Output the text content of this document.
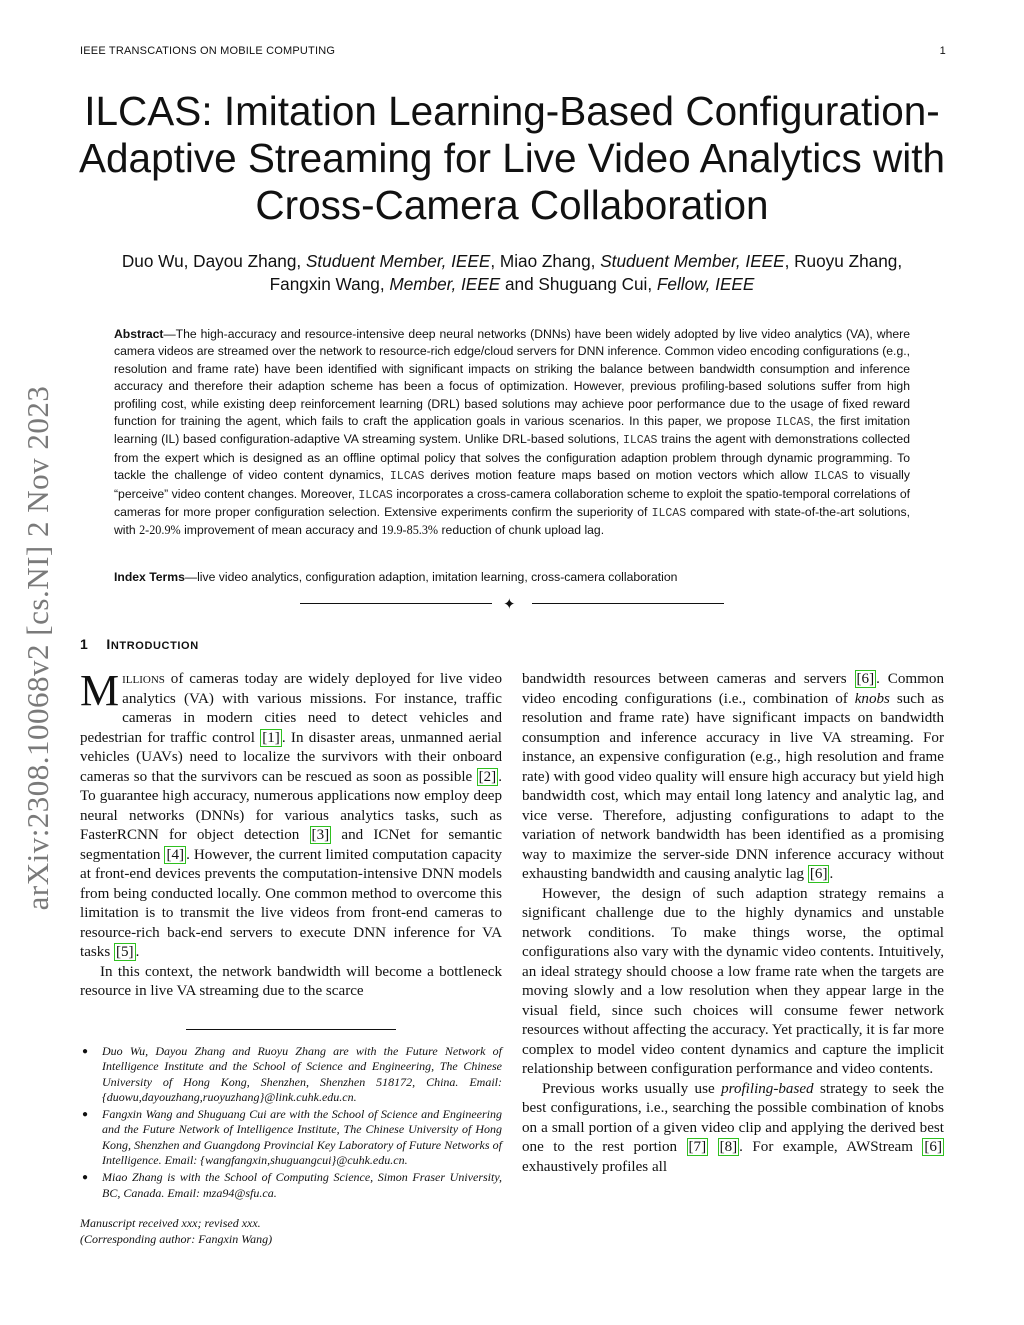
IEEE TRANSCATIONS ON MOBILE COMPUTING	1
arXiv:2308.10068v2 [cs.NI] 2 Nov 2023
ILCAS: Imitation Learning-Based Configuration-Adaptive Streaming for Live Video Analytics with Cross-Camera Collaboration
Duo Wu, Dayou Zhang, Studuent Member, IEEE, Miao Zhang, Studuent Member, IEEE, Ruoyu Zhang,
Fangxin Wang, Member, IEEE and Shuguang Cui, Fellow, IEEE

Abstract—The high-accuracy and resource-intensive deep neural networks (DNNs) have been widely adopted by live video analytics (VA), where camera videos are streamed over the network to resource-rich edge/cloud servers for DNN inference. Common video encoding configurations (e.g., resolution and frame rate) have been identified with significant impacts on striking the balance between bandwidth consumption and inference accuracy and therefore their adaption scheme has been a focus of optimization. However, previous profiling-based solutions suffer from high profiling cost, while existing deep reinforcement learning (DRL) based solutions may achieve poor performance due to the usage of fixed reward function for training the agent, which fails to craft the application goals in various scenarios. In this paper, we propose ILCAS, the first imitation learning (IL) based configuration-adaptive VA streaming system. Unlike DRL-based solutions, ILCAS trains the agent with demonstrations collected from the expert which is designed as an offline optimal policy that solves the configuration adaption problem through dynamic programming. To tackle the challenge of video content dynamics, ILCAS derives motion feature maps based on motion vectors which allow ILCAS to visually “perceive” video content changes. Moreover, ILCAS incorporates a cross-camera collaboration scheme to exploit the spatio-temporal correlations of cameras for more proper configuration selection. Extensive experiments confirm the superiority of ILCAS compared with state-of-the-art solutions, with 2-20.9% improvement of mean accuracy and 19.9-85.3% reduction of chunk upload lag.

Index Terms—live video analytics, configuration adaption, imitation learning, cross-camera collaboration

✦
1 INTRODUCTION

Millions of cameras today are widely deployed for live video analytics (VA) with various missions. For instance, traffic cameras in modern cities need to detect vehicles and pedestrian for traffic control [1] . In disaster areas, unmanned aerial vehicles (UAVs) need to localize the survivors with their onboard cameras so that the survivors can be rescued as soon as possible [2] . To guarantee high accuracy, numerous applications now employ deep neural networks (DNNs) for various analytics tasks, such as FasterRCNN for object detection [3] and ICNet for semantic segmentation [4] . However, the current limited computation capacity at front-end devices prevents the computation-intensive DNN models from being conducted locally. One common method to overcome this limitation is to transmit the live videos from front-end cameras to resource-rich back-end servers to execute DNN inference for VA tasks [5] .

In this context, the network bandwidth will become a bottleneck resource in live VA streaming due to the scarce

bandwidth resources between cameras and servers [6] . Common video encoding configurations (i.e., combination of knobs such as resolution and frame rate) have significant impacts on bandwidth consumption and inference accuracy in live VA streaming. For instance, an expensive configuration (e.g., high resolution and frame rate) with good video quality will ensure high accuracy but yield high bandwidth cost, which may entail long latency and analytic lag, and vice verse. Therefore, adjusting configurations to adapt to the variation of network bandwidth has been identified as a promising way to maximize the server-side DNN inference accuracy without exhausting bandwidth and causing analytic lag [6] .

However, the design of such adaption strategy remains a significant challenge due to the highly dynamics and unstable network conditions. To make things worse, the optimal configurations also vary with the dynamic video contents. Intuitively, an ideal strategy should choose a low frame rate when the targets are moving slowly and a low resolution when they appear large in the visual field, since such choices will consume fewer network resources without affecting the accuracy. Yet practically, it is far more complex to model video content dynamics and capture the implicit relationship between configuration performance and video contents.

Previous works usually use profiling-based strategy to seek the best configurations, i.e., searching the possible combination of knobs on a small portion of a given video clip and applying the derived best one to the rest portion [7] [8] . For example, AWStream [6] exhaustively profiles all

● Duo Wu, Dayou Zhang and Ruoyu Zhang are with the Future Network of Intelligence Institute and the School of Science and Engineering, The Chinese University of Hong Kong, Shenzhen, Shenzhen 518172, China. Email: {duowu,dayouzhang,ruoyuzhang}@link.cuhk.edu.cn.
● Fangxin Wang and Shuguang Cui are with the School of Science and Engineering and the Future Network of Intelligence Institute, The Chinese University of Hong Kong, Shenzhen and Guangdong Provincial Key Laboratory of Future Networks of Intelligence. Email: {wangfangxin,shuguangcui}@cuhk.edu.cn.
● Miao Zhang is with the School of Computing Science, Simon Fraser University, BC, Canada. Email: mza94@sfu.ca.
Manuscript received xxx; revised xxx.
(Corresponding author: Fangxin Wang)
